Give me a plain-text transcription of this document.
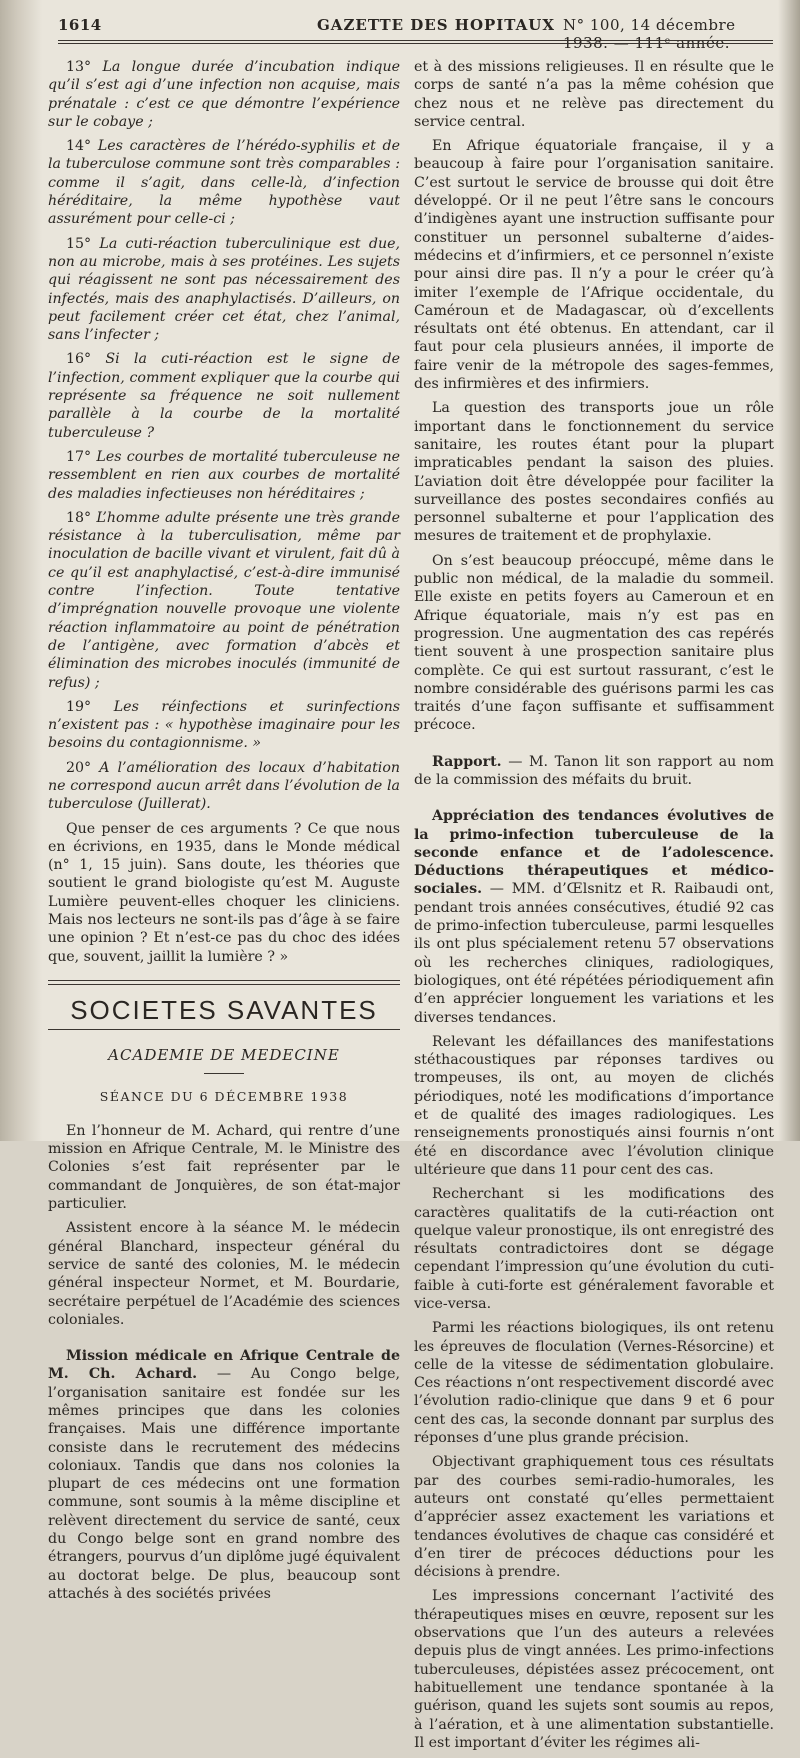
1614	GAZETTE DES HOPITAUX N° 100, 14 décembre 1938. — 111ᵉ année.

13° La longue durée d’incubation indique qu’il s’est agi d’une infection non acquise, mais prénatale : c’est ce que démontre l’expérience sur le cobaye ;

14° Les caractères de l’hérédo-syphilis et de la tuberculose commune sont très comparables : comme il s’agit, dans celle-là, d’infection héréditaire, la même hypothèse vaut assurément pour celle-ci ;

15° La cuti-réaction tuberculinique est due, non au microbe, mais à ses protéines. Les sujets qui réagissent ne sont pas nécessairement des infectés, mais des anaphylactisés. D’ailleurs, on peut facilement créer cet état, chez l’animal, sans l’infecter ;

16° Si la cuti-réaction est le signe de l’infection, comment expliquer que la courbe qui représente sa fréquence ne soit nullement parallèle à la courbe de la mortalité tuberculeuse ?

17° Les courbes de mortalité tuberculeuse ne ressemblent en rien aux courbes de mortalité des maladies infectieuses non héréditaires ;

18° L’homme adulte présente une très grande résistance à la tuberculisation, même par inoculation de bacille vivant et virulent, fait dû à ce qu’il est anaphylactisé, c’est-à-dire immunisé contre l’infection. Toute tentative d’imprégnation nouvelle provoque une violente réaction inflammatoire au point de pénétration de l’antigène, avec formation d’abcès et élimination des microbes inoculés (immunité de refus) ;

19° Les réinfections et surinfections n’existent pas : « hypothèse imaginaire pour les besoins du contagionnisme. »

20° A l’amélioration des locaux d’habitation ne correspond aucun arrêt dans l’évolution de la tuberculose (Juillerat).

Que penser de ces arguments ? Ce que nous en écrivions, en 1935, dans le Monde médical (n° 1, 15 juin). Sans doute, les théories que soutient le grand biologiste qu’est M. Auguste Lumière peuvent-elles choquer les cliniciens. Mais nos lecteurs ne sont-ils pas d’âge à se faire une opinion ? Et n’est-ce pas du choc des idées que, souvent, jaillit la lumière ? »

SOCIETES SAVANTES
ACADEMIE DE MEDECINE
SÉANCE DU 6 DÉCEMBRE 1938

En l’honneur de M. Achard, qui rentre d’une mission en Afrique Centrale, M. le Ministre des Colonies s’est fait représenter par le commandant de Jonquières, de son état-major particulier.

Assistent encore à la séance M. le médecin général Blanchard, inspecteur général du service de santé des colonies, M. le médecin général inspecteur Normet, et M. Bourdarie, secrétaire perpétuel de l’Académie des sciences coloniales.

Mission médicale en Afrique Centrale de M. Ch. Achard. — Au Congo belge, l’organisation sanitaire est fondée sur les mêmes principes que dans les colonies françaises. Mais une différence importante consiste dans le recrutement des médecins coloniaux. Tandis que dans nos colonies la plupart de ces médecins ont une formation commune, sont soumis à la même discipline et relèvent directement du service de santé, ceux du Congo belge sont en grand nombre des étrangers, pourvus d’un diplôme jugé équivalent au doctorat belge. De plus, beaucoup sont attachés à des sociétés privées

et à des missions religieuses. Il en résulte que le corps de santé n’a pas la même cohésion que chez nous et ne relève pas directement du service central.

En Afrique équatoriale française, il y a beaucoup à faire pour l’organisation sanitaire. C’est surtout le service de brousse qui doit être développé. Or il ne peut l’être sans le concours d’indigènes ayant une instruction suffisante pour constituer un personnel subalterne d’aides-médecins et d’infirmiers, et ce personnel n’existe pour ainsi dire pas. Il n’y a pour le créer qu’à imiter l’exemple de l’Afrique occidentale, du Caméroun et de Madagascar, où d’excellents résultats ont été obtenus. En attendant, car il faut pour cela plusieurs années, il importe de faire venir de la métropole des sages-femmes, des infirmières et des infirmiers.

La question des transports joue un rôle important dans le fonctionnement du service sanitaire, les routes étant pour la plupart impraticables pendant la saison des pluies. L’aviation doit être développée pour faciliter la surveillance des postes secondaires confiés au personnel subalterne et pour l’application des mesures de traitement et de prophylaxie.

On s’est beaucoup préoccupé, même dans le public non médical, de la maladie du sommeil. Elle existe en petits foyers au Cameroun et en Afrique équatoriale, mais n’y est pas en progression. Une augmentation des cas repérés tient souvent à une prospection sanitaire plus complète. Ce qui est surtout rassurant, c’est le nombre considérable des guérisons parmi les cas traités d’une façon suffisante et suffisamment précoce.

Rapport. — M. Tanon lit son rapport au nom de la commission des méfaits du bruit.

Appréciation des tendances évolutives de la primo-infection tuberculeuse de la seconde enfance et de l’adolescence. Déductions thérapeutiques et médico-sociales. — MM. d’Œlsnitz et R. Raibaudi ont, pendant trois années consécutives, étudié 92 cas de primo-infection tuberculeuse, parmi lesquelles ils ont plus spécialement retenu 57 observations où les recherches cliniques, radiologiques, biologiques, ont été répétées périodiquement afin d’en apprécier longuement les variations et les diverses tendances.

Relevant les défaillances des manifestations stéthacoustiques par réponses tardives ou trompeuses, ils ont, au moyen de clichés périodiques, noté les modifications d’importance et de qualité des images radiologiques. Les renseignements pronostiqués ainsi fournis n’ont été en discordance avec l’évolution clinique ultérieure que dans 11 pour cent des cas.

Recherchant si les modifications des caractères qualitatifs de la cuti-réaction ont quelque valeur pronostique, ils ont enregistré des résultats contradictoires dont se dégage cependant l’impression qu’une évolution du cuti-faible à cuti-forte est généralement favorable et vice-versa.

Parmi les réactions biologiques, ils ont retenu les épreuves de floculation (Vernes-Résorcine) et celle de la vitesse de sédimentation globulaire. Ces réactions n’ont respectivement discordé avec l’évolution radio-clinique que dans 9 et 6 pour cent des cas, la seconde donnant par surplus des réponses d’une plus grande précision.

Objectivant graphiquement tous ces résultats par des courbes semi-radio-humorales, les auteurs ont constaté qu’elles permettaient d’apprécier assez exactement les variations et tendances évolutives de chaque cas considéré et d’en tirer de précoces déductions pour les décisions à prendre.

Les impressions concernant l’activité des thérapeutiques mises en œuvre, reposent sur les observations que l’un des auteurs a relevées depuis plus de vingt années. Les primo-infections tuberculeuses, dépistées assez précocement, ont habituellement une tendance spontanée à la guérison, quand les sujets sont soumis au repos, à l’aération, et à une alimentation substantielle. Il est important d’éviter les régimes ali-
